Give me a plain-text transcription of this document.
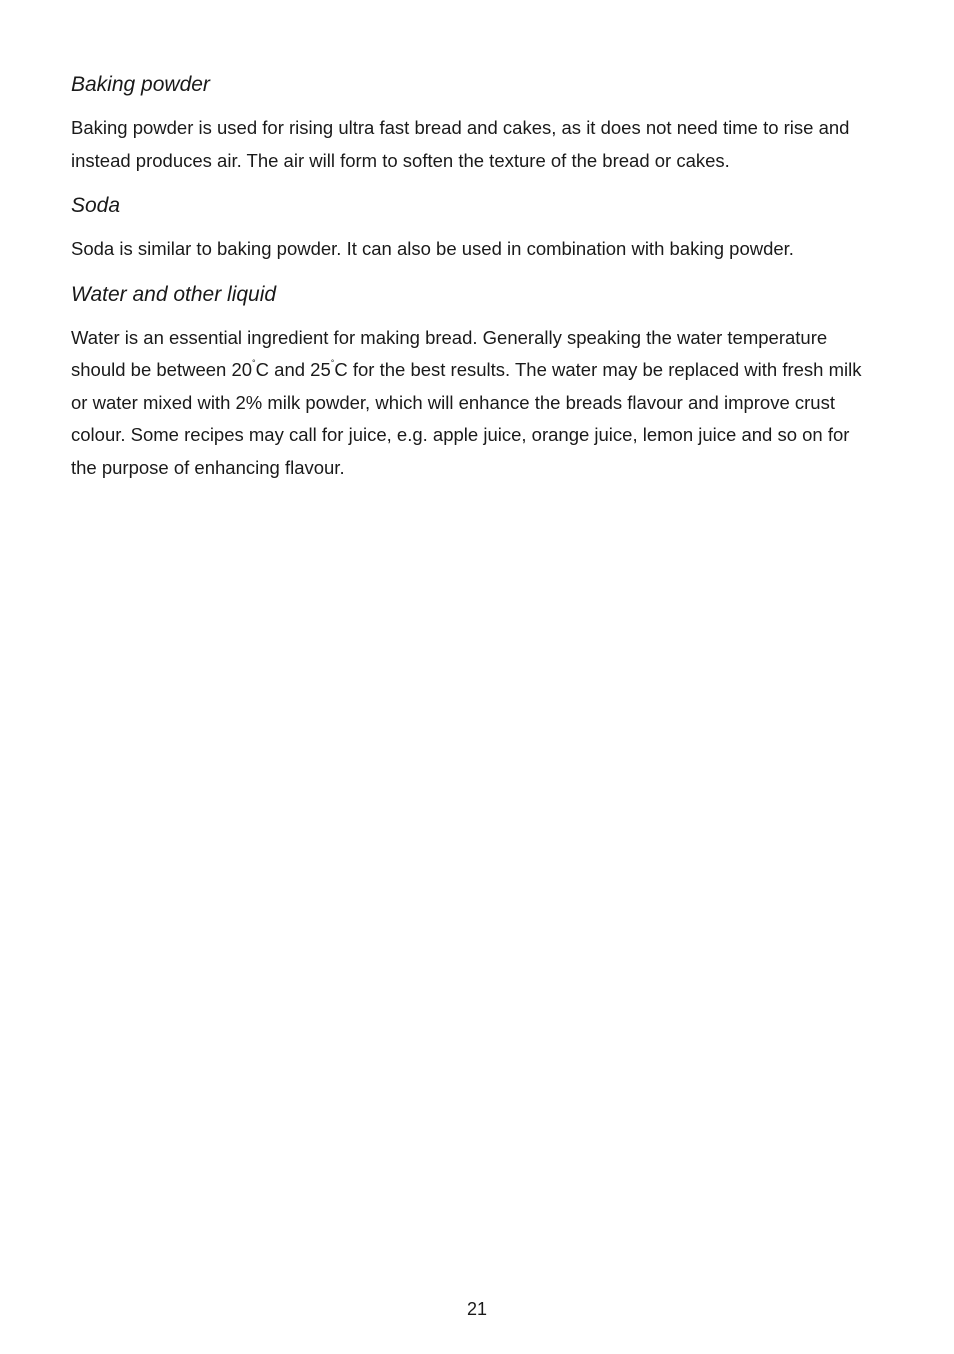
Baking powder

Baking powder is used for rising ultra fast bread and cakes, as it does not need time to rise and instead produces air. The air will form to soften the texture of the bread or cakes.

Soda

Soda is similar to baking powder. It can also be used in combination with baking powder.

Water and other liquid

Water is an essential ingredient for making bread. Generally speaking the water temperature should be between 20°C and 25°C for the best results. The water may be replaced with fresh milk or water mixed with 2% milk powder, which will enhance the breads flavour and improve crust colour. Some recipes may call for juice, e.g. apple juice, orange juice, lemon juice and so on for the purpose of enhancing flavour.

21
